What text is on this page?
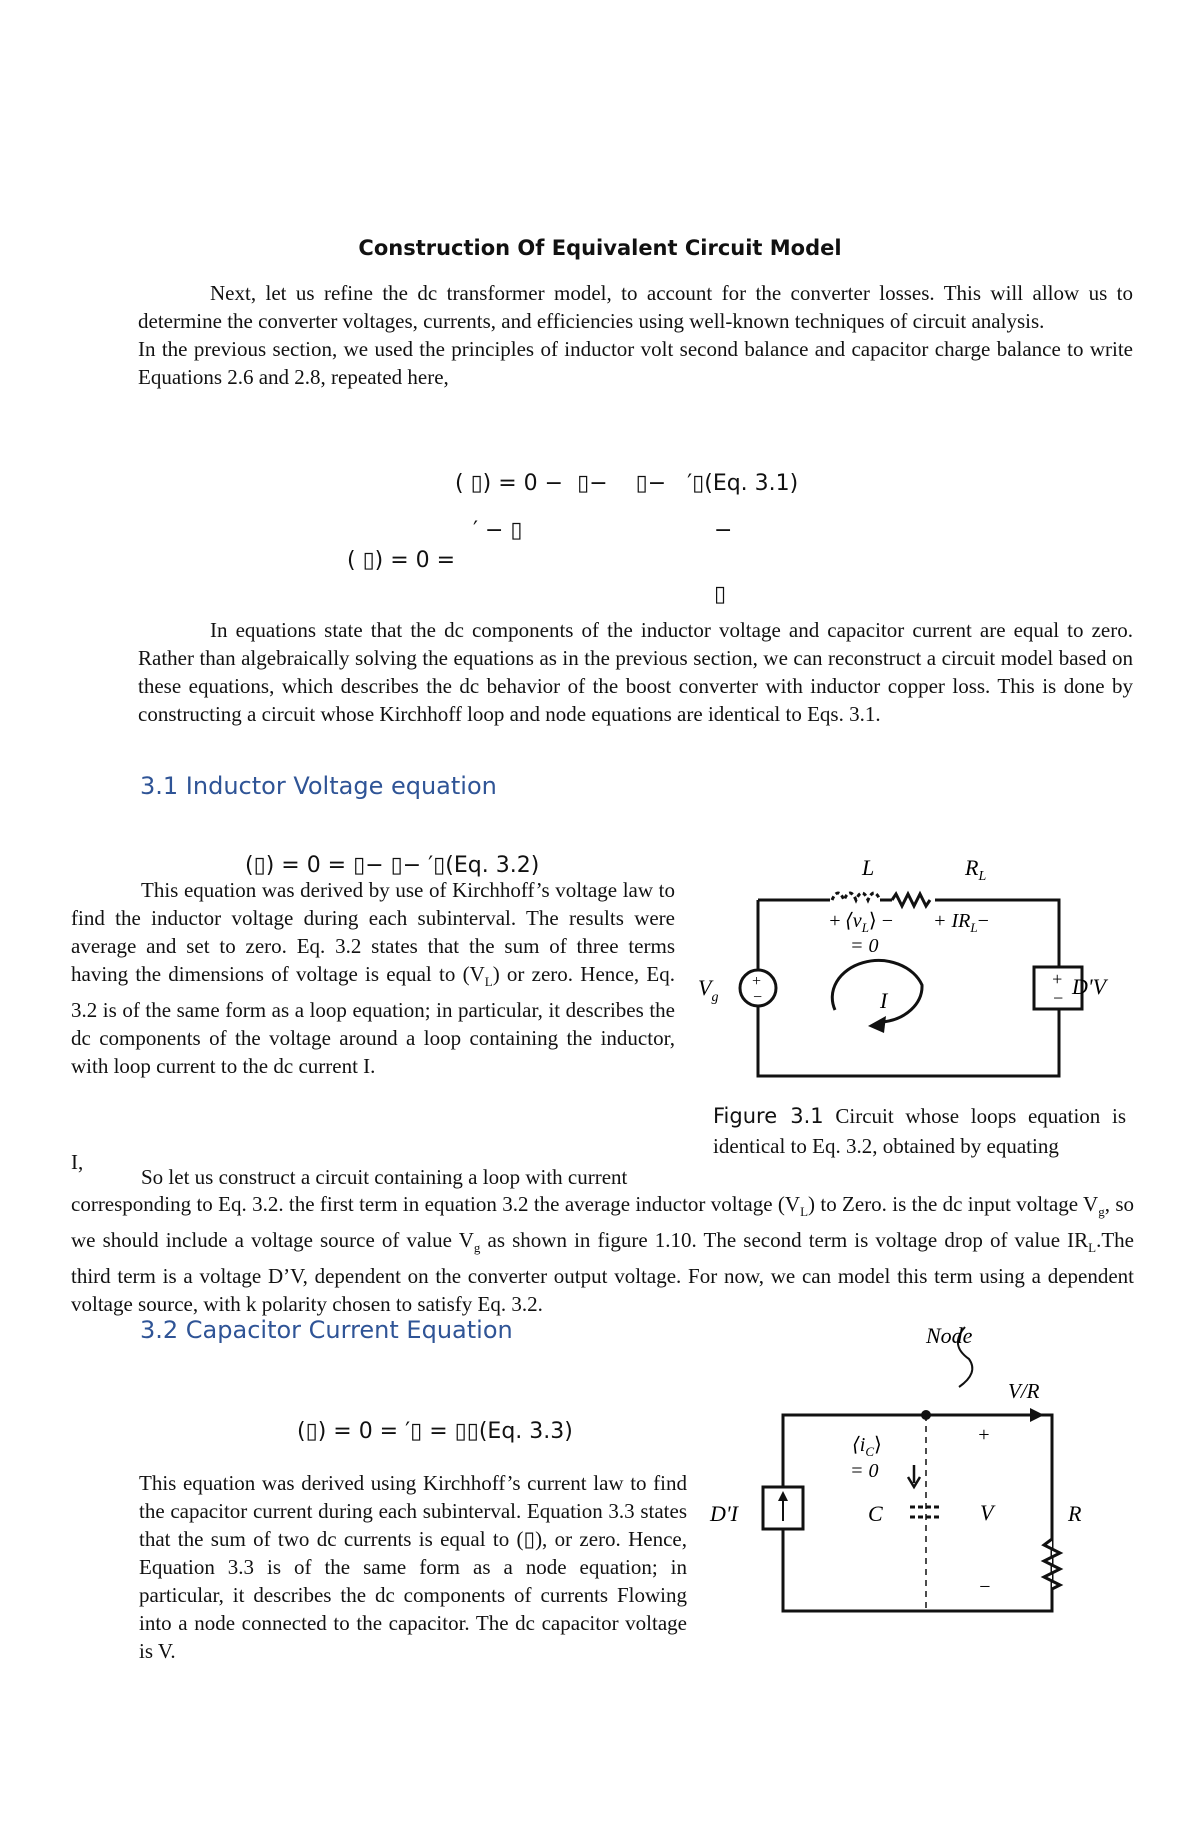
Construction Of Equivalent Circuit Model

Next, let us refine the dc transformer model, to account for the converter losses. This will allow us to determine the converter voltages, currents, and efficiencies using well-known techniques of circuit analysis.

In the previous section, we used the principles of inductor volt second balance and capacitor charge balance to write Equations 2.6 and 2.8, repeated here,

( ▯) = 0 −  ▯−    ▯−   ′▯(Eq. 3.1)

′ − ▯	−
( ▯) = 0 =
▯

In equations state that the dc components of the inductor voltage and capacitor current are equal to zero. Rather than algebraically solving the equations as in the previous section, we can reconstruct a circuit model based on these equations, which describes the dc behavior of the boost converter with inductor copper loss. This is done by constructing a circuit whose Kirchhoff loop and node equations are identical to Eqs. 3.1.

3.1 Inductor Voltage equation

(▯) = 0 = ▯− ▯− ′▯(Eq. 3.2)

This equation was derived by use of Kirchhoff’s voltage law to find the inductor voltage during each subinterval. The results were average and set to zero. Eq. 3.2 states that the sum of three terms having the dimensions of voltage is equal to $(V_L)$ or zero. Hence, Eq. 3.2 is of the same form as a loop equation; in particular, it describes the dc components of the voltage around a loop containing the inductor, with loop current to the dc current I.

I,
So let us construct a circuit containing a loop with current

corresponding to Eq. 3.2. the first term in equation 3.2 the average inductor voltage $(V_L)$ to Zero. is the dc input voltage $V_g$, so we should include a voltage source of value $V_g$ as shown in figure 1.10. The second term is voltage drop of value $IR_L.The$ third term is a voltage D’V, dependent on the converter output voltage. For now, we can model this term using a dependent voltage source, with k polarity chosen to satisfy Eq. 3.2.

+
−
+
−
L	$R_L$
+ $⟨v_L⟩$ −
= 0
+ $IR_L-$
$V_g$	I
D'V
Figure 3.1 Circuit whose loops equation is identical to Eq. 3.2, obtained by equating
3.2 Capacitor Current Equation

(▯) = 0 = ′▯ = ▯▯(Eq. 3.3)

This equation was derived using Kirchhoff’s current law to find the capacitor current during each subinterval. Equation 3.3 states that the sum of two dc currents is equal to (▯), or zero. Hence, Equation 3.3 is of the same form as a node equation; in particular, it describes the dc components of currents Flowing into a node connected to the capacitor. The dc capacitor voltage is V.

Node
V/R
$⟨i_C⟩$
= 0
C	V	R
D'I
+
−
